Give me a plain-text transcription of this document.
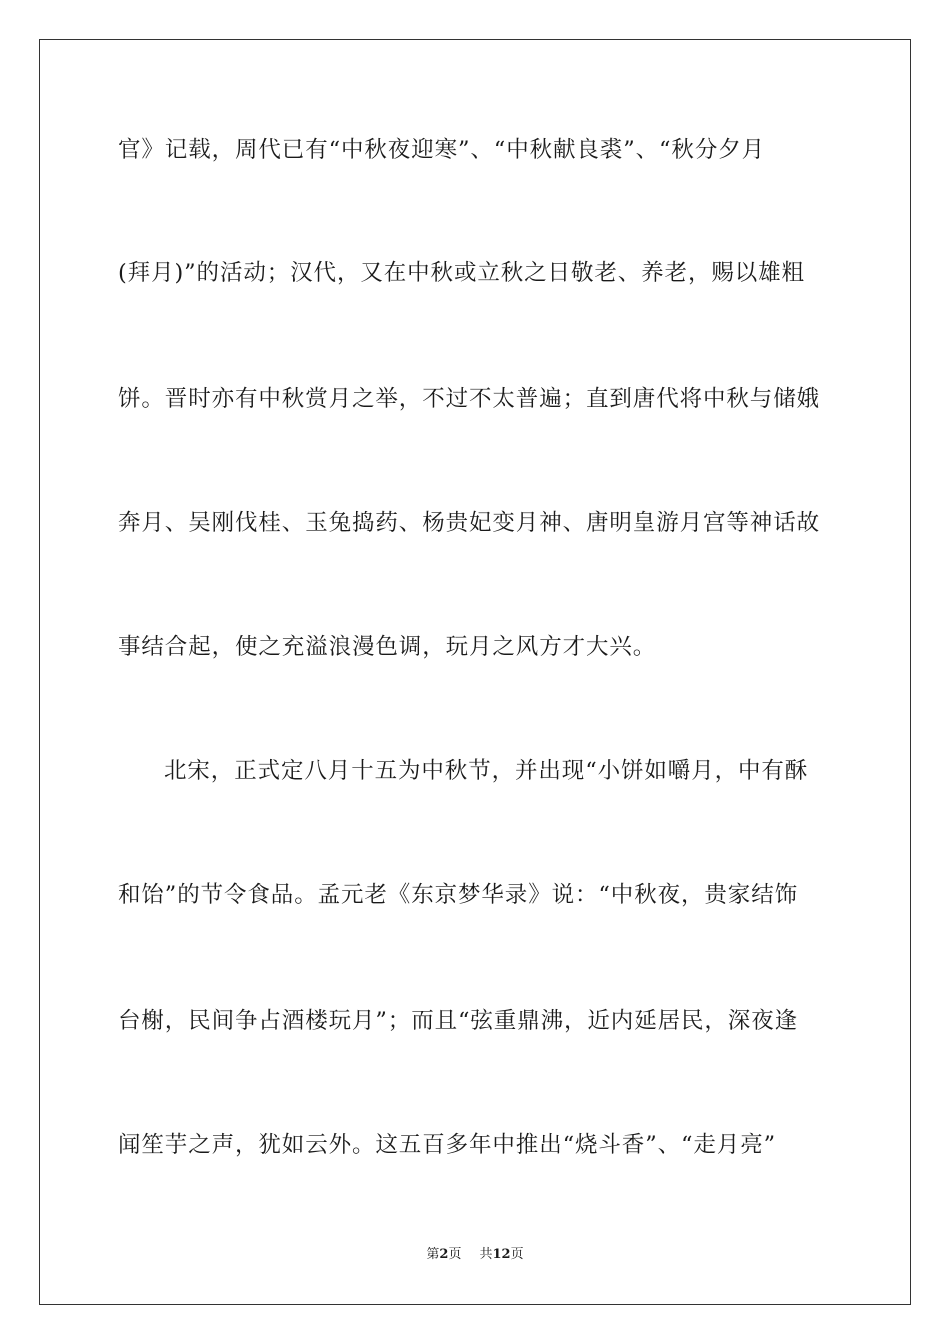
官》记载，周代已有“中秋夜迎寒”、“中秋献良裘”、“秋分夕月
(拜月)”的活动；汉代，又在中秋或立秋之日敬老、养老，赐以雄粗
饼。晋时亦有中秋赏月之举，不过不太普遍；直到唐代将中秋与储娥
奔月、吴刚伐桂、玉兔捣药、杨贵妃变月神、唐明皇游月宫等神话故
事结合起，使之充溢浪漫色调，玩月之风方才大兴。
北宋，正式定八月十五为中秋节，并出现“小饼如嚼月，中有酥
和饴”的节令食品。孟元老《东京梦华录》说：“中秋夜，贵家结饰
台榭，民间争占酒楼玩月”；而且“弦重鼎沸，近内延居民，深夜逢
闻笙芋之声，犹如云外。这五百多年中推出“烧斗香”、“走月亮”
第2页 共12页
